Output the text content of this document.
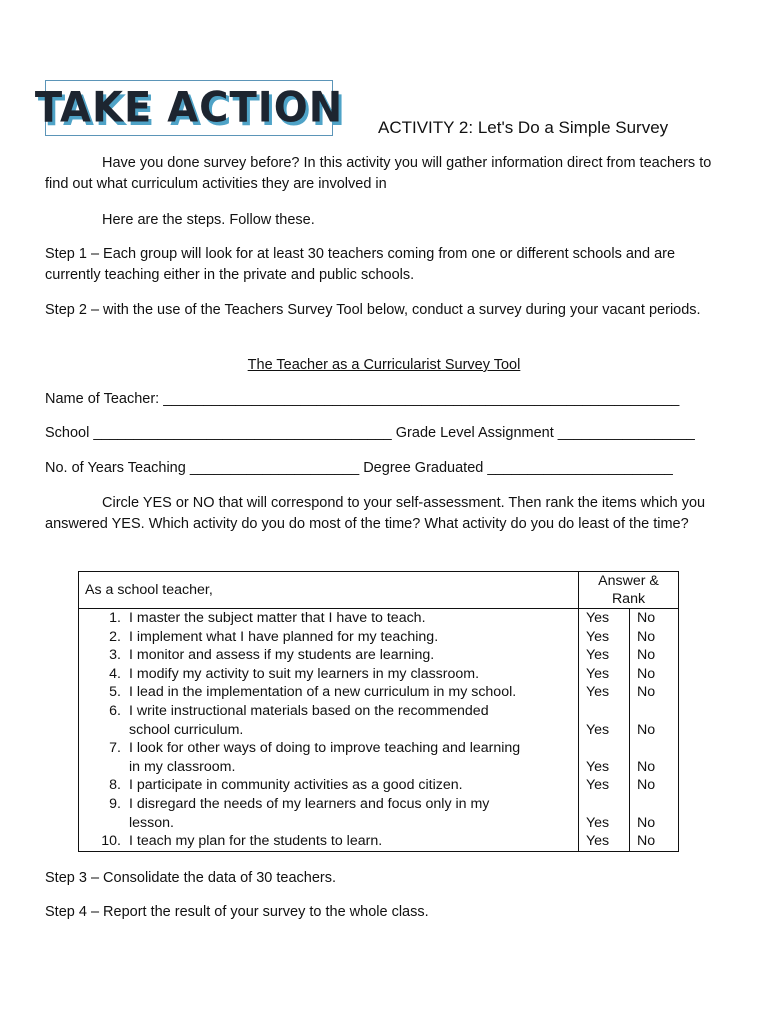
TAKE ACTION ACTIVITY 2: Let's Do a Simple Survey
Have you done survey before? In this activity you will gather information direct from teachers to find out what curriculum activities they are involved in
Here are the steps. Follow these.
Step 1 – Each group will look for at least 30 teachers coming from one or different schools and are currently teaching either in the private and public schools.
Step 2 – with the use of the Teachers Survey Tool below, conduct a survey during your vacant periods.
The Teacher as a Curricularist Survey Tool
Name of Teacher: ________________________________________________________________
School _____________________________________ Grade Level Assignment _________________
No. of Years Teaching _____________________ Degree Graduated _______________________
Circle YES or NO that will correspond to your self-assessment. Then rank the items which you answered YES. Which activity do you do most of the time? What activity do you do least of the time?
As a school teacher,	Answer & Rank	

1. I master the subject matter that I have to teach.	Yes	No

2. I implement what I have planned for my teaching.	Yes	No

3. I monitor and assess if my students are learning.	Yes	No

4. I modify my activity to suit my learners in my classroom.	Yes	No

5. I lead in the implementation of a new curriculum in my school.	Yes	No

6. I write instructional materials based on the recommended
school curriculum.	Yes	No

7. I look for other ways of doing to improve teaching and learning
in my classroom.	Yes	No

8. I participate in community activities as a good citizen.	Yes	No

9. I disregard the needs of my learners and focus only in my
lesson.	Yes	No

10. I teach my plan for the students to learn.	Yes	No
Step 3 – Consolidate the data of 30 teachers.
Step 4 – Report the result of your survey to the whole class.
